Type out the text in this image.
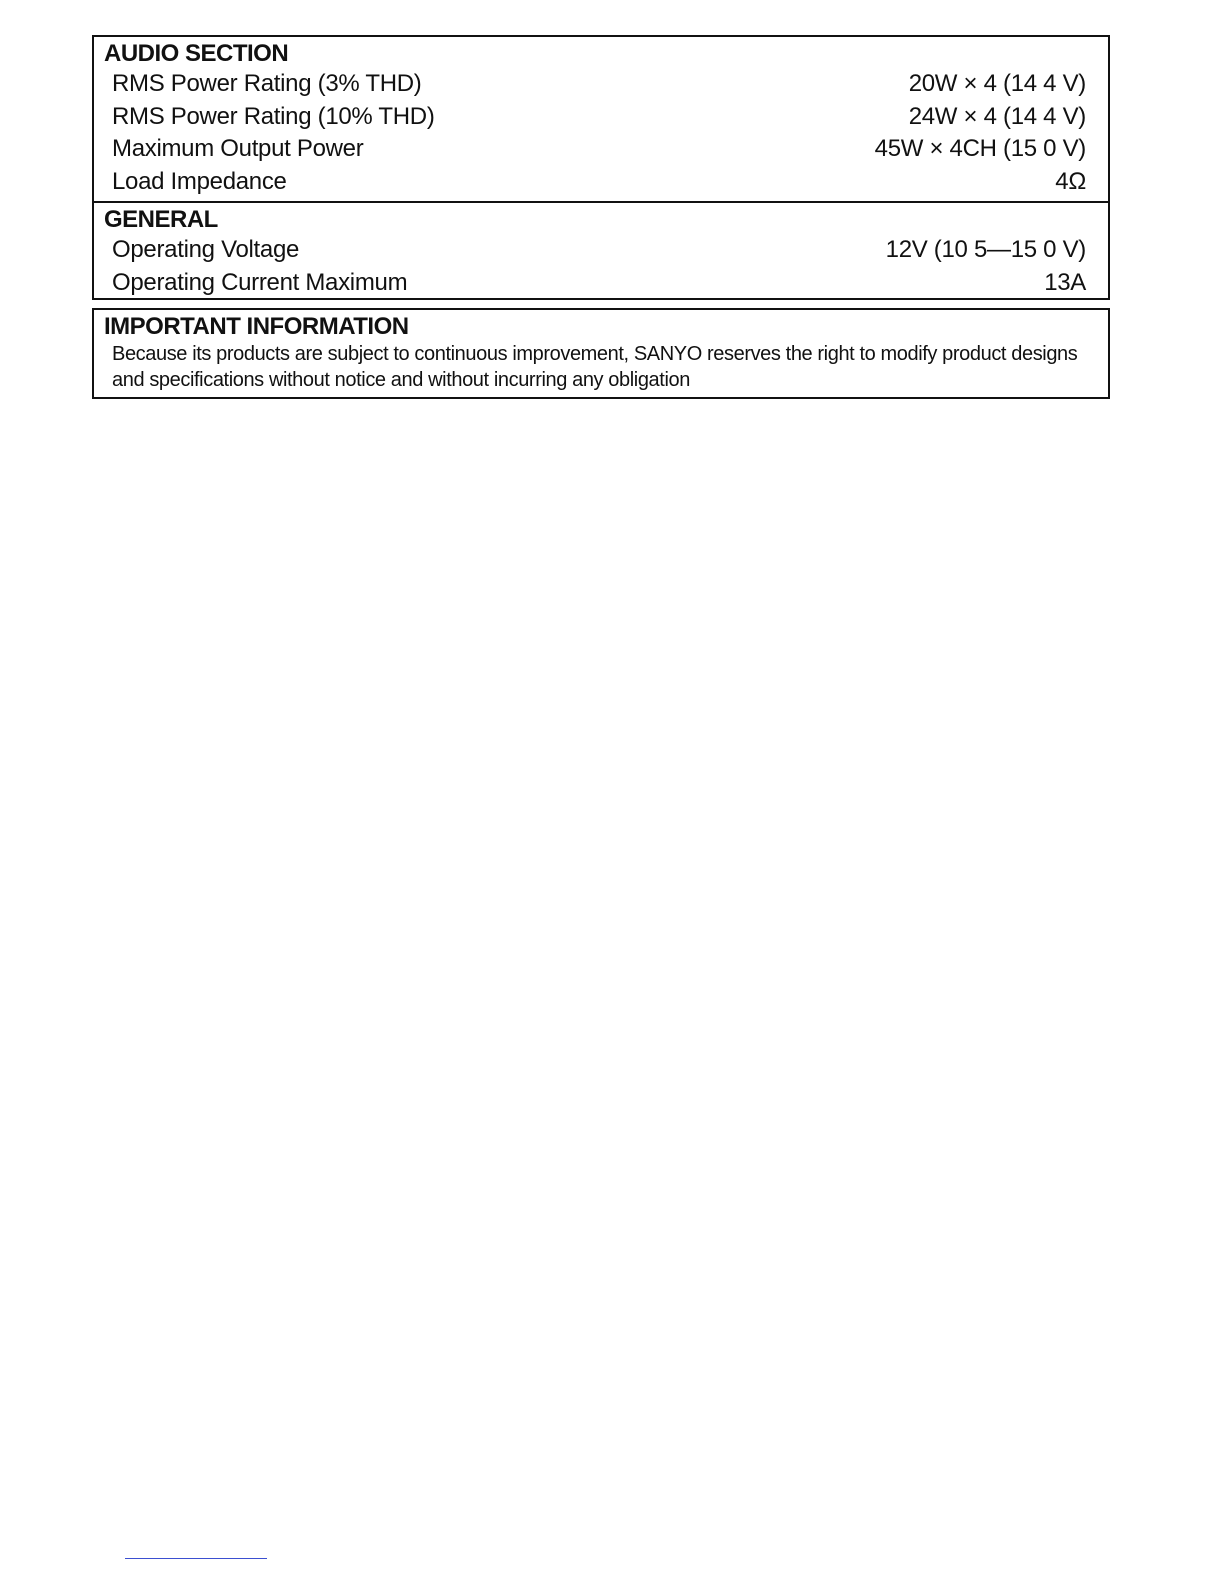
AUDIO SECTION
RMS Power Rating (3% THD)	20W × 4 (14 4 V)
RMS Power Rating (10% THD)	24W × 4 (14 4 V)
Maximum Output Power	45W × 4CH (15 0 V)
Load Impedance	4Ω
GENERAL
Operating Voltage	12V (10 5—15 0 V)
Operating Current Maximum	13A
IMPORTANT INFORMATION
Because its products are subject to continuous improvement, SANYO reserves the right to modify product designs and specifications without notice and without incurring any obligation
